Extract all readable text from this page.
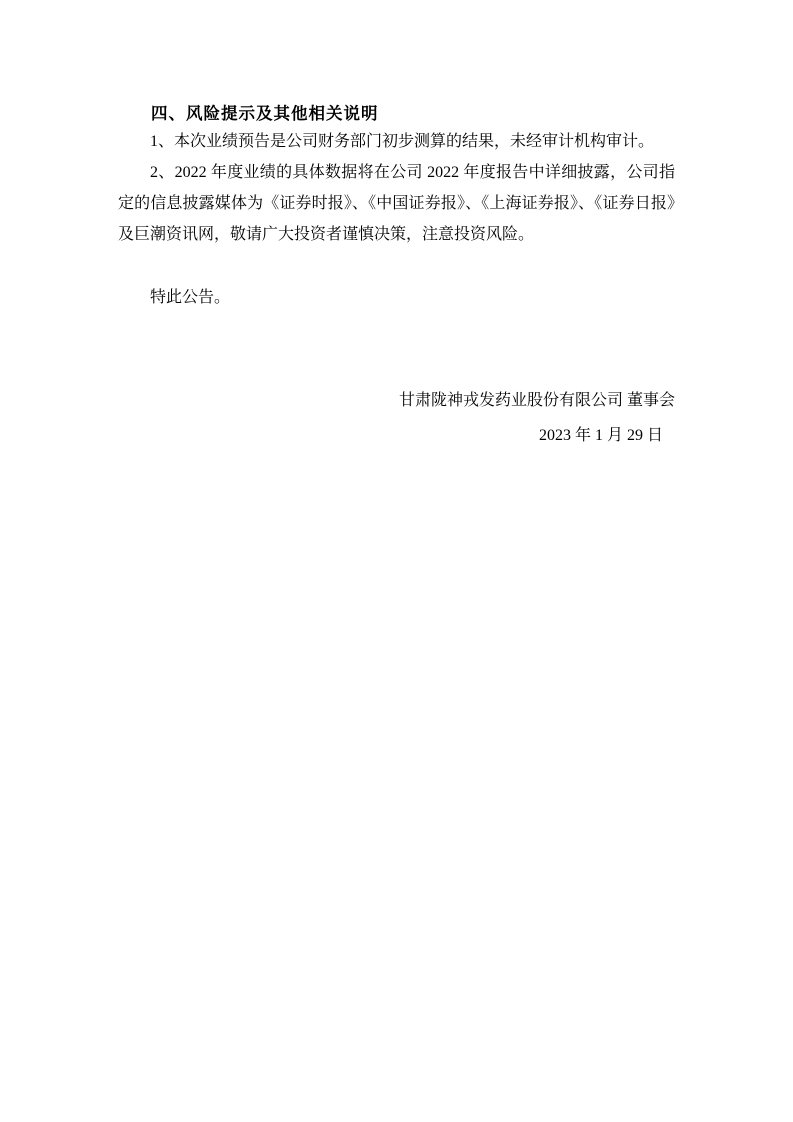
四、风险提示及其他相关说明
1、本次业绩预告是公司财务部门初步测算的结果，未经审计机构审计。
2、2022 年度业绩的具体数据将在公司 2022 年度报告中详细披露，公司指定的信息披露媒体为《证券时报》、《中国证券报》、《上海证券报》、《证券日报》及巨潮资讯网，敬请广大投资者谨慎决策，注意投资风险。
特此公告。
甘肃陇神戎发药业股份有限公司 董事会
2023 年 1 月 29 日
